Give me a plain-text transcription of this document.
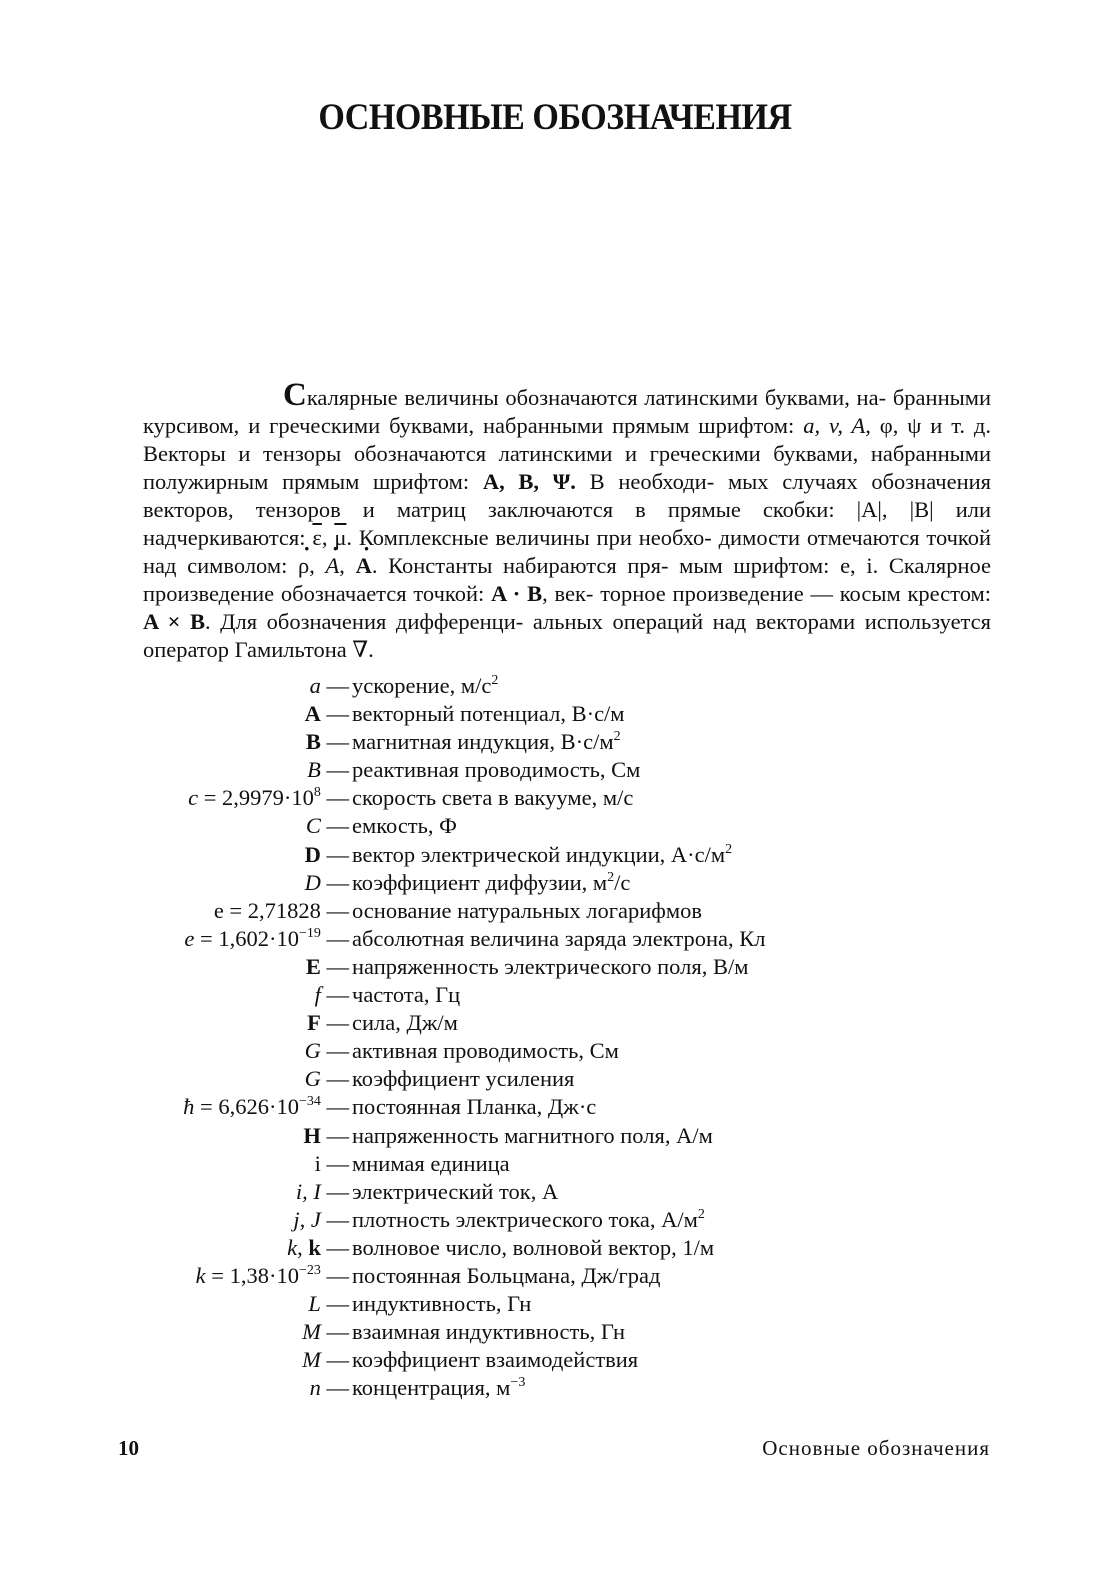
ОСНОВНЫЕ ОБОЗНАЧЕНИЯ
Скалярные величины обозначаются латинскими буквами, на- бранными курсивом, и греческими буквами, набранными прямым шрифтом: a, v, A, φ, ψ и т. д. Векторы и тензоры обозначаются латинскими и греческими буквами, набранными полужирным прямым шрифтом: A, B, Ψ. В необходи- мых случаях обозначения векторов, тензоров и матриц заключаются в прямые скобки: |A|, |B| или надчеркиваются: $\overline{\varepsilon}$, $\overline{\mu}$. Комплексные величины при необхо- димости отмечаются точкой над символом: · ρ, · A, · A. Константы набираются пря- мым шрифтом: e, i. Скалярное произведение обозначается точкой: A · B, век- торное произведение — косым крестом: A × B. Для обозначения дифференци- альных операций над векторами используется оператор Гамильтона ∇.
a — ускорение, $м/с^2$
A — векторный потенциал, В·с/м
B — магнитная индукция, $В\cdot с/м^2$
B — реактивная проводимость, См
$c = 2,9979\cdot 10^8$ — скорость света в вакууме, м/с
C — емкость, Ф
D — вектор электрической индукции, $А\cdot с/м^2$
D — коэффициент диффузии, $м^2/с$
e = 2,71828 — основание натуральных логарифмов
$e = 1,602\cdot 10^{-19}$ — абсолютная величина заряда электрона, Кл
E — напряженность электрического поля, В/м
f — частота, Гц
F — сила, Дж/м
G — активная проводимость, См
G — коэффициент усиления
ħ = $6,626\cdot 10^{-34}$ — постоянная Планка, Дж·с
H — напряженность магнитного поля, А/м
i — мнимая единица
i, I — электрический ток, А
j, J — плотность электрического тока, $А/м^2$
k, k — волновое число, волновой вектор, 1/м
$k = 1,38\cdot 10^{-23}$ — постоянная Больцмана, Дж/град
L — индуктивность, Гн
M — взаимная индуктивность, Гн
M — коэффициент взаимодействия
n — концентрация, $м^{-3}$
10	Основные обозначения
